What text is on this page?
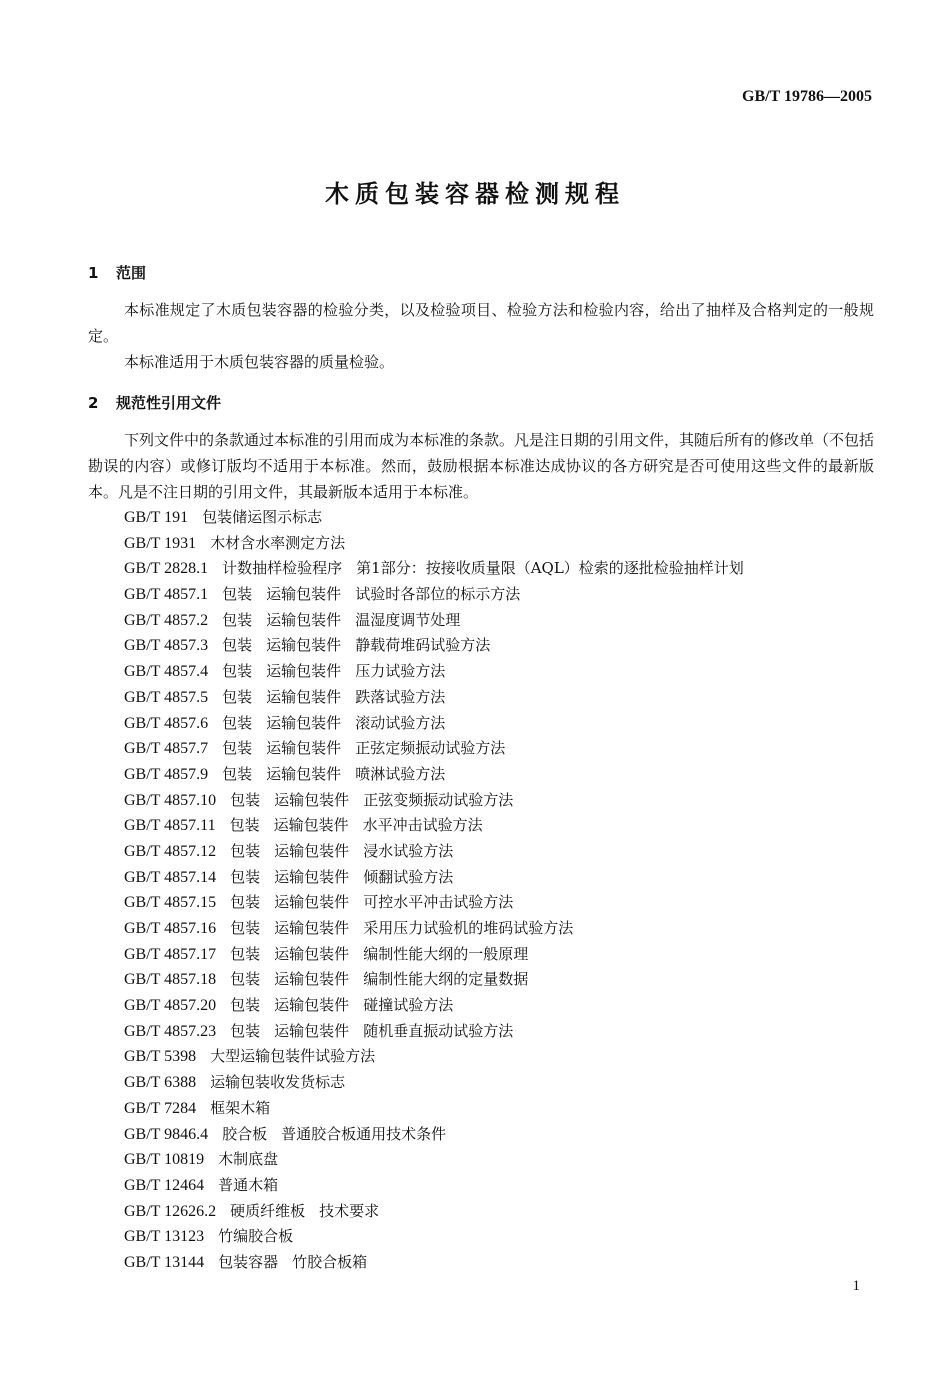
GB/T 19786—2005
木质包装容器检测规程
1 范围
本标准规定了木质包装容器的检验分类，以及检验项目、检验方法和检验内容，给出了抽样及合格判定的一般规定。
本标准适用于木质包装容器的质量检验。
2 规范性引用文件
下列文件中的条款通过本标准的引用而成为本标准的条款。凡是注日期的引用文件，其随后所有的修改单（不包括勘误的内容）或修订版均不适用于本标准。然而，鼓励根据本标准达成协议的各方研究是否可使用这些文件的最新版本。凡是不注日期的引用文件，其最新版本适用于本标准。
GB/T 191 包装储运图示标志
GB/T 1931 木材含水率测定方法
GB/T 2828.1 计数抽样检验程序 第1部分：按接收质量限（AQL）检索的逐批检验抽样计划
GB/T 4857.1 包装 运输包装件 试验时各部位的标示方法
GB/T 4857.2 包装 运输包装件 温湿度调节处理
GB/T 4857.3 包装 运输包装件 静载荷堆码试验方法
GB/T 4857.4 包装 运输包装件 压力试验方法
GB/T 4857.5 包装 运输包装件 跌落试验方法
GB/T 4857.6 包装 运输包装件 滚动试验方法
GB/T 4857.7 包装 运输包装件 正弦定频振动试验方法
GB/T 4857.9 包装 运输包装件 喷淋试验方法
GB/T 4857.10 包装 运输包装件 正弦变频振动试验方法
GB/T 4857.11 包装 运输包装件 水平冲击试验方法
GB/T 4857.12 包装 运输包装件 浸水试验方法
GB/T 4857.14 包装 运输包装件 倾翻试验方法
GB/T 4857.15 包装 运输包装件 可控水平冲击试验方法
GB/T 4857.16 包装 运输包装件 采用压力试验机的堆码试验方法
GB/T 4857.17 包装 运输包装件 编制性能大纲的一般原理
GB/T 4857.18 包装 运输包装件 编制性能大纲的定量数据
GB/T 4857.20 包装 运输包装件 碰撞试验方法
GB/T 4857.23 包装 运输包装件 随机垂直振动试验方法
GB/T 5398 大型运输包装件试验方法
GB/T 6388 运输包装收发货标志
GB/T 7284 框架木箱
GB/T 9846.4 胶合板 普通胶合板通用技术条件
GB/T 10819 木制底盘
GB/T 12464 普通木箱
GB/T 12626.2 硬质纤维板 技术要求
GB/T 13123 竹编胶合板
GB/T 13144 包装容器 竹胶合板箱
1
